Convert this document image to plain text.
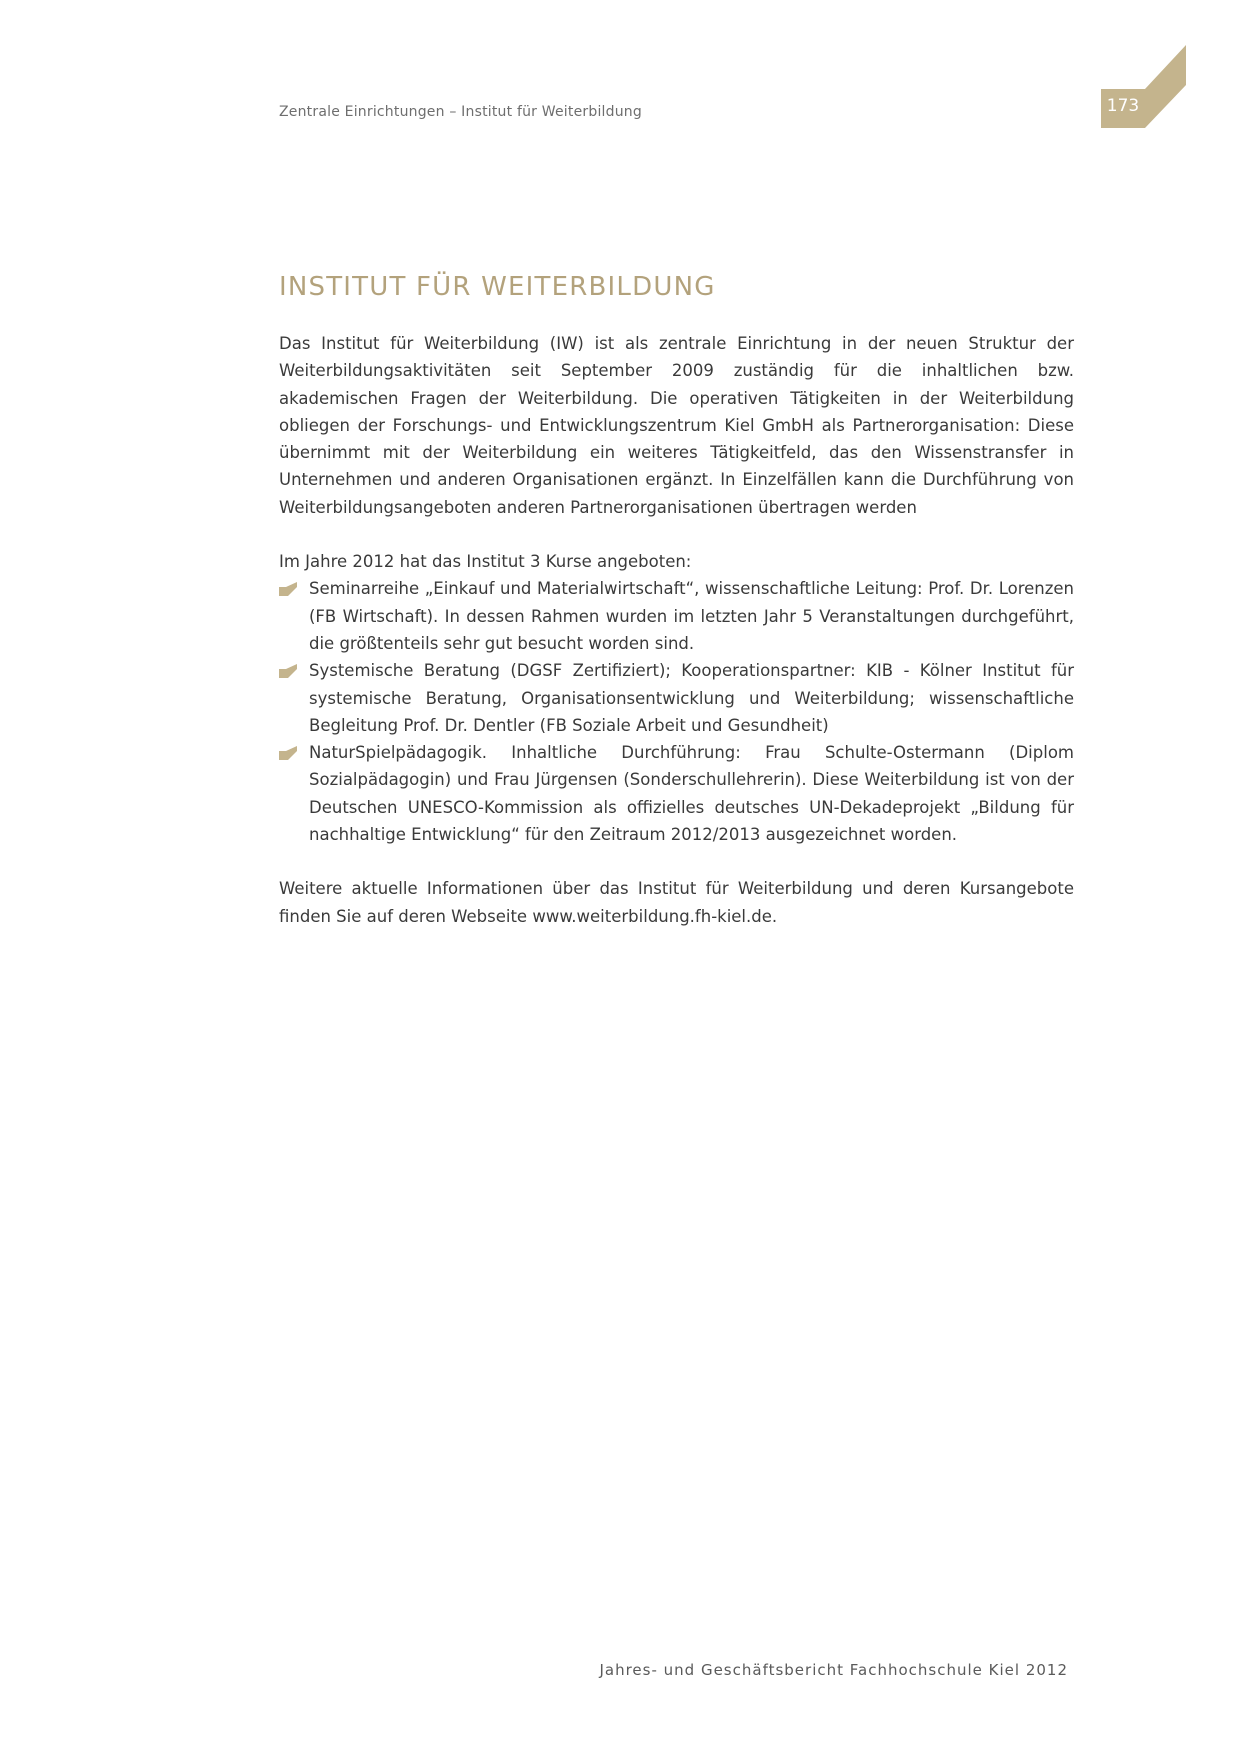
Zentrale Einrichtungen – Institut für Weiterbildung	173
INSTITUT FÜR WEITERBILDUNG

Das Institut für Weiterbildung (IW) ist als zentrale Einrichtung in der neuen Struktur der Weiterbildungsaktivitäten seit September 2009 zuständig für die inhaltlichen bzw. akademischen Fragen der Weiterbildung. Die operativen Tätigkeiten in der Weiterbildung obliegen der Forschungs- und Entwicklungszentrum Kiel GmbH als Partnerorganisation: Diese übernimmt mit der Weiterbildung ein weiteres Tätigkeitfeld, das den Wissenstransfer in Unternehmen und anderen Organisationen ergänzt. In Einzelfällen kann die Durchführung von Weiterbildungsangeboten anderen Partnerorganisationen übertragen werden

Im Jahre 2012 hat das Institut 3 Kurse angeboten:

Seminarreihe „Einkauf und Materialwirtschaft“, wissenschaftliche Leitung: Prof. Dr. Lorenzen (FB Wirtschaft). In dessen Rahmen wurden im letzten Jahr 5 Veranstaltungen durchgeführt, die größtenteils sehr gut besucht worden sind.
Systemische Beratung (DGSF Zertifiziert); Kooperationspartner: KIB - Kölner Institut für systemische Beratung, Organisationsentwicklung und Weiterbildung; wissenschaftliche Begleitung Prof. Dr. Dentler (FB Soziale Arbeit und Gesundheit)
NaturSpielpädagogik. Inhaltliche Durchführung: Frau Schulte-Ostermann (Diplom Sozialpädagogin) und Frau Jürgensen (Sonderschullehrerin). Diese Weiterbildung ist von der Deutschen UNESCO-Kommission als offizielles deutsches UN-Dekadeprojekt „Bildung für nachhaltige Entwicklung“ für den Zeitraum 2012/2013 ausgezeichnet worden.

Weitere aktuelle Informationen über das Institut für Weiterbildung und deren Kursangebote finden Sie auf deren Webseite www.weiterbildung.fh-kiel.de.

Jahres- und Geschäftsbericht Fachhochschule Kiel 2012
